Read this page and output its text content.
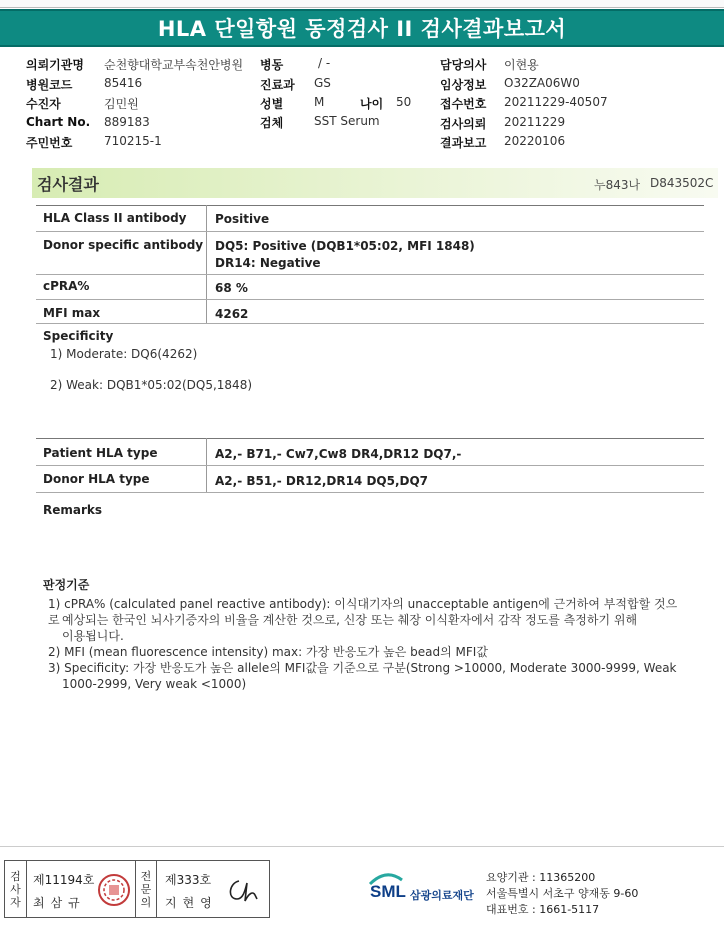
HLA 단일항원 동정검사 II 검사결과보고서
의뢰기관명 순천향대학교부속천안병원
병원코드	85416
수진자	김민원
Chart No. 889183
주민번호	710215-1
병동	/ -
진료과 GS
성별	M	나이 50
검체	SST Serum
담당의사 이현용
임상정보 O32ZA06W0
접수번호 20211229-40507
검사의뢰 20211229
결과보고 20220106
검사결과	누843나 D843502C
HLA Class II antibody Positive
Donor specific antibody DQ5: Positive (DQB1*05:02, MFI 1848)
DR14: Negative
cPRA%	68 %
MFI max	4262
Specificity
1) Moderate: DQ6(4262)
2) Weak: DQB1*05:02(DQ5,1848)
Patient HLA type	A2,- B71,- Cw7,Cw8 DR4,DR12 DQ7,-
Donor HLA type	A2,- B51,- DR12,DR14 DQ5,DQ7
Remarks
판정기준
1) cPRA% (calculated panel reactive antibody): 이식대기자의 unacceptable antigen에 근거하여 부적합할 것으로 예상되는 한국인 뇌사기증자의 비율을 계산한 것으로, 신장 또는 췌장 이식환자에서 감작 정도를 측정하기 위해
이용됩니다.
2) MFI (mean fluorescence intensity) max: 가장 반응도가 높은 bead의 MFI값
3) Specificity: 가장 반응도가 높은 allele의 MFI값을 기준으로 구분(Strong >10000, Moderate 3000-9999, Weak
1000-2999, Very weak <1000)
검
사
자
제11194호
최삼규
전
문
의
제333호
지현영
SML 삼광의료재단
요양기관 : 11365200
서울특별시 서초구 양재동 9-60
대표번호 : 1661-5117
